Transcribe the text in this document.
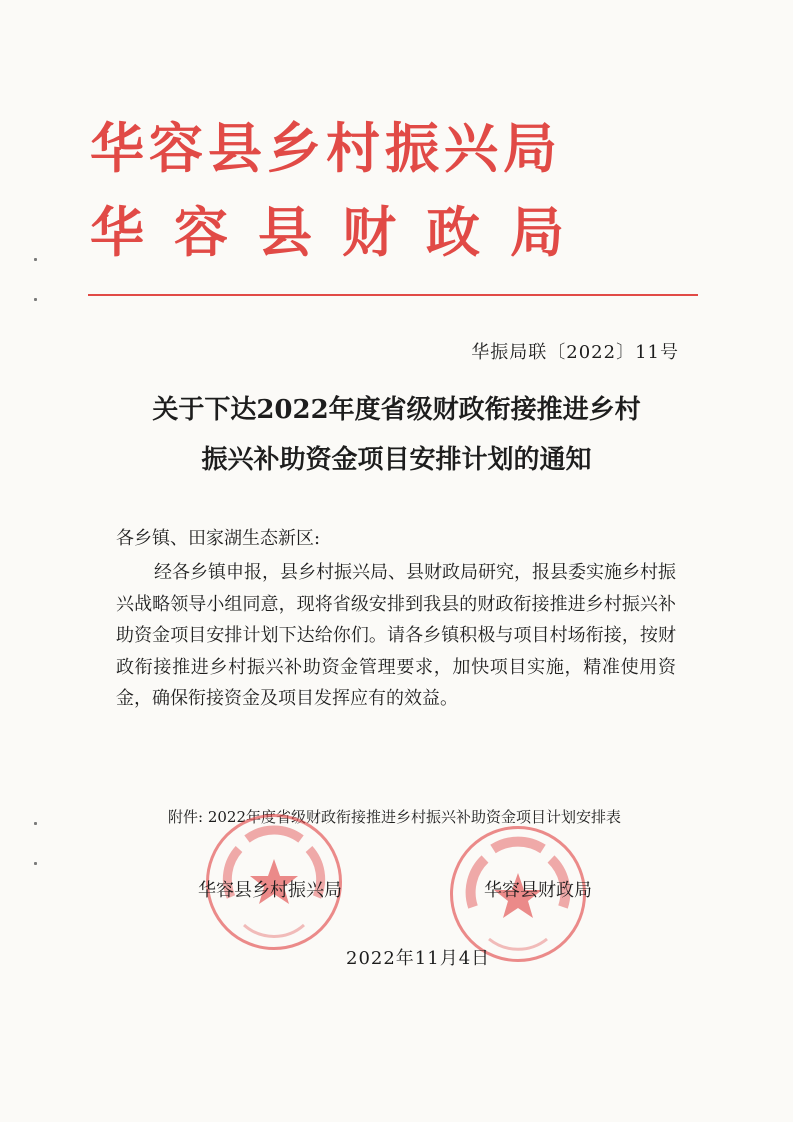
华容县乡村振兴局
华容县财政局
华振局联〔2022〕11号
关于下达2022年度省级财政衔接推进乡村
振兴补助资金项目安排计划的通知
各乡镇、田家湖生态新区:
经各乡镇申报，县乡村振兴局、县财政局研究，报县委实施乡村振兴战略领导小组同意，现将省级安排到我县的财政衔接推进乡村振兴补助资金项目安排计划下达给你们。请各乡镇积极与项目村场衔接，按财政衔接推进乡村振兴补助资金管理要求，加快项目实施，精准使用资金，确保衔接资金及项目发挥应有的效益。
附件: 2022年度省级财政衔接推进乡村振兴补助资金项目计划安排表
华容县乡村振兴局	华容县财政局
2022年11月4日
